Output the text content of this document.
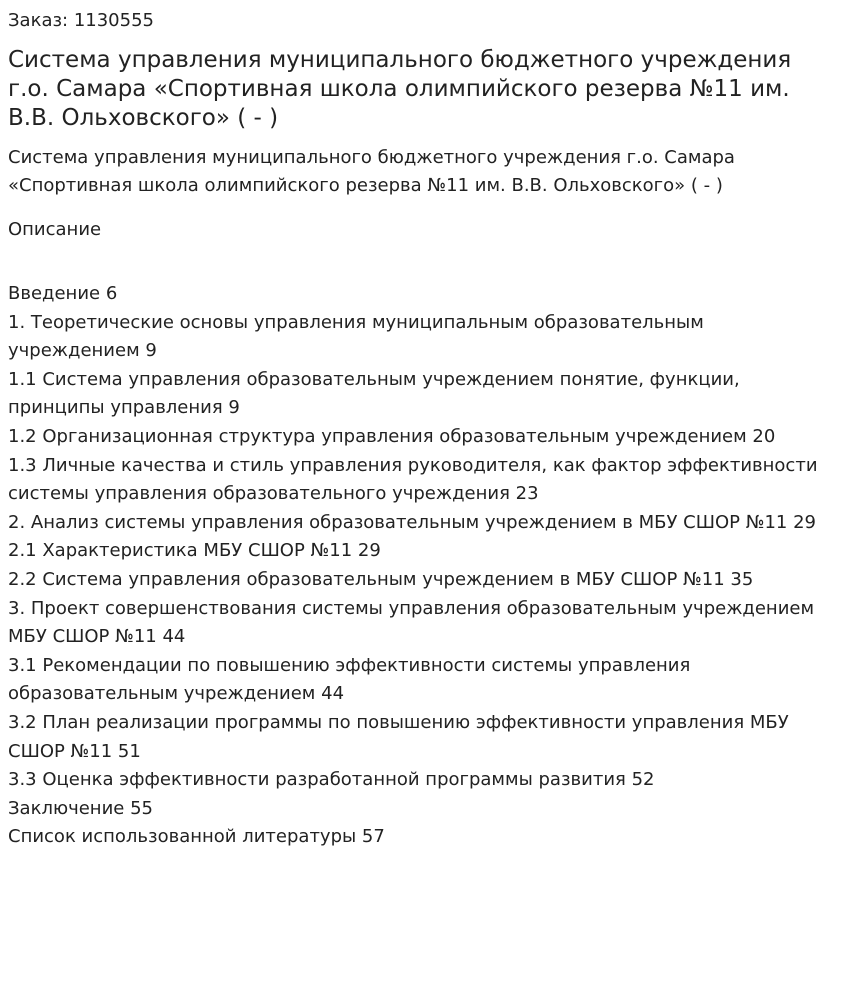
Заказ: 1130555

Система управления муниципального бюджетного учреждения г.о. Самара «Спортивная школа олимпийского резерва №11 им. В.В. Ольховского» ( - )

Система управления муниципального бюджетного учреждения г.о. Самара «Спортивная школа олимпийского резерва №11 им. В.В. Ольховского» ( - )

Описание

Введение 6
1. Теоретические основы управления муниципальным образовательным учреждением 9
1.1 Система управления образовательным учреждением понятие, функции, принципы управления 9
1.2 Организационная структура управления образовательным учреждением 20
1.3 Личные качества и стиль управления руководителя, как фактор эффективности
системы управления образовательного учреждения 23
2. Анализ системы управления образовательным учреждением в МБУ СШОР №11 29
2.1 Характеристика МБУ СШОР №11 29
2.2 Система управления образовательным учреждением в МБУ СШОР №11 35
3. Проект совершенствования системы управления образовательным учреждением МБУ СШОР №11 44
3.1 Рекомендации по повышению эффективности системы управления образовательным учреждением 44
3.2 План реализации программы по повышению эффективности управления МБУ СШОР №11 51
3.3 Оценка эффективности разработанной программы развития 52
Заключение 55
Список использованной литературы 57
